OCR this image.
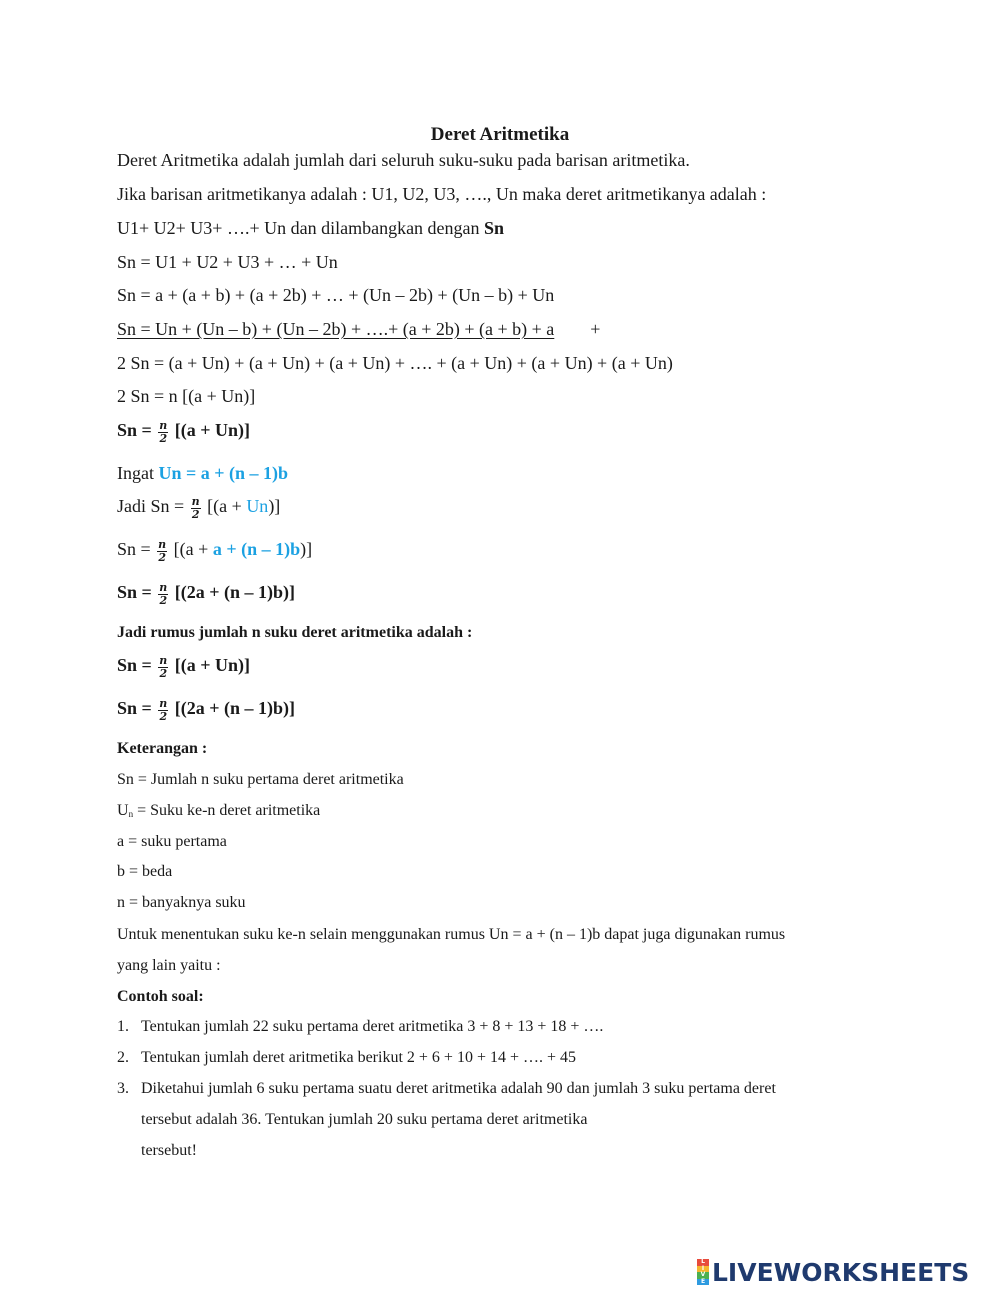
Deret Aritmetika
Deret Aritmetika adalah jumlah dari seluruh suku-suku pada barisan aritmetika.
Jika barisan aritmetikanya adalah : U1, U2, U3, …., Un maka deret aritmetikanya adalah :
U1+ U2+ U3+ ….+ Un dan dilambangkan dengan Sn
Sn = U1 + U2 + U3 + … + Un
Sn = a + (a + b) + (a + 2b) + … + (Un – 2b) + (Un – b) + Un
Sn = Un + (Un – b) + (Un – 2b) + ….+ (a + 2b) + (a + b) + a +
2 Sn = (a + Un) + (a + Un) + (a + Un) + …. + (a + Un) + (a + Un) + (a + Un)
2 Sn = n [(a + Un)]
$Sn = \frac{n}{2} [(a + Un)]$
Ingat Un = a + (n – 1)b
Jadi $Sn = \frac{n}{2} [(a + Un)]$
$Sn = \frac{n}{2} [(a + a + (n - 1)b)]$
$Sn = \frac{n}{2} [(2a + (n - 1)b)]$
Jadi rumus jumlah n suku deret aritmetika adalah :
$Sn = \frac{n}{2} [(a + Un)]$
$Sn = \frac{n}{2} [(2a + (n - 1)b)]$
Keterangan :
Sn = Jumlah n suku pertama deret aritmetika
$U_n$ = Suku ke-n deret aritmetika
a = suku pertama
b = beda
n = banyaknya suku
Untuk menentukan suku ke-n selain menggunakan rumus Un = a + (n – 1)b dapat juga digunakan rumus
yang lain yaitu :
Contoh soal:
1. Tentukan jumlah 22 suku pertama deret aritmetika 3 + 8 + 13 + 18 + ….
2. Tentukan jumlah deret aritmetika berikut 2 + 6 + 10 + 14 + …. + 45
3. Diketahui jumlah 6 suku pertama suatu deret aritmetika adalah 90 dan jumlah 3 suku pertama deret
tersebut adalah 36. Tentukan jumlah 20 suku pertama deret aritmetika
tersebut!
L
I
V
E LIVEWORKSHEETS
